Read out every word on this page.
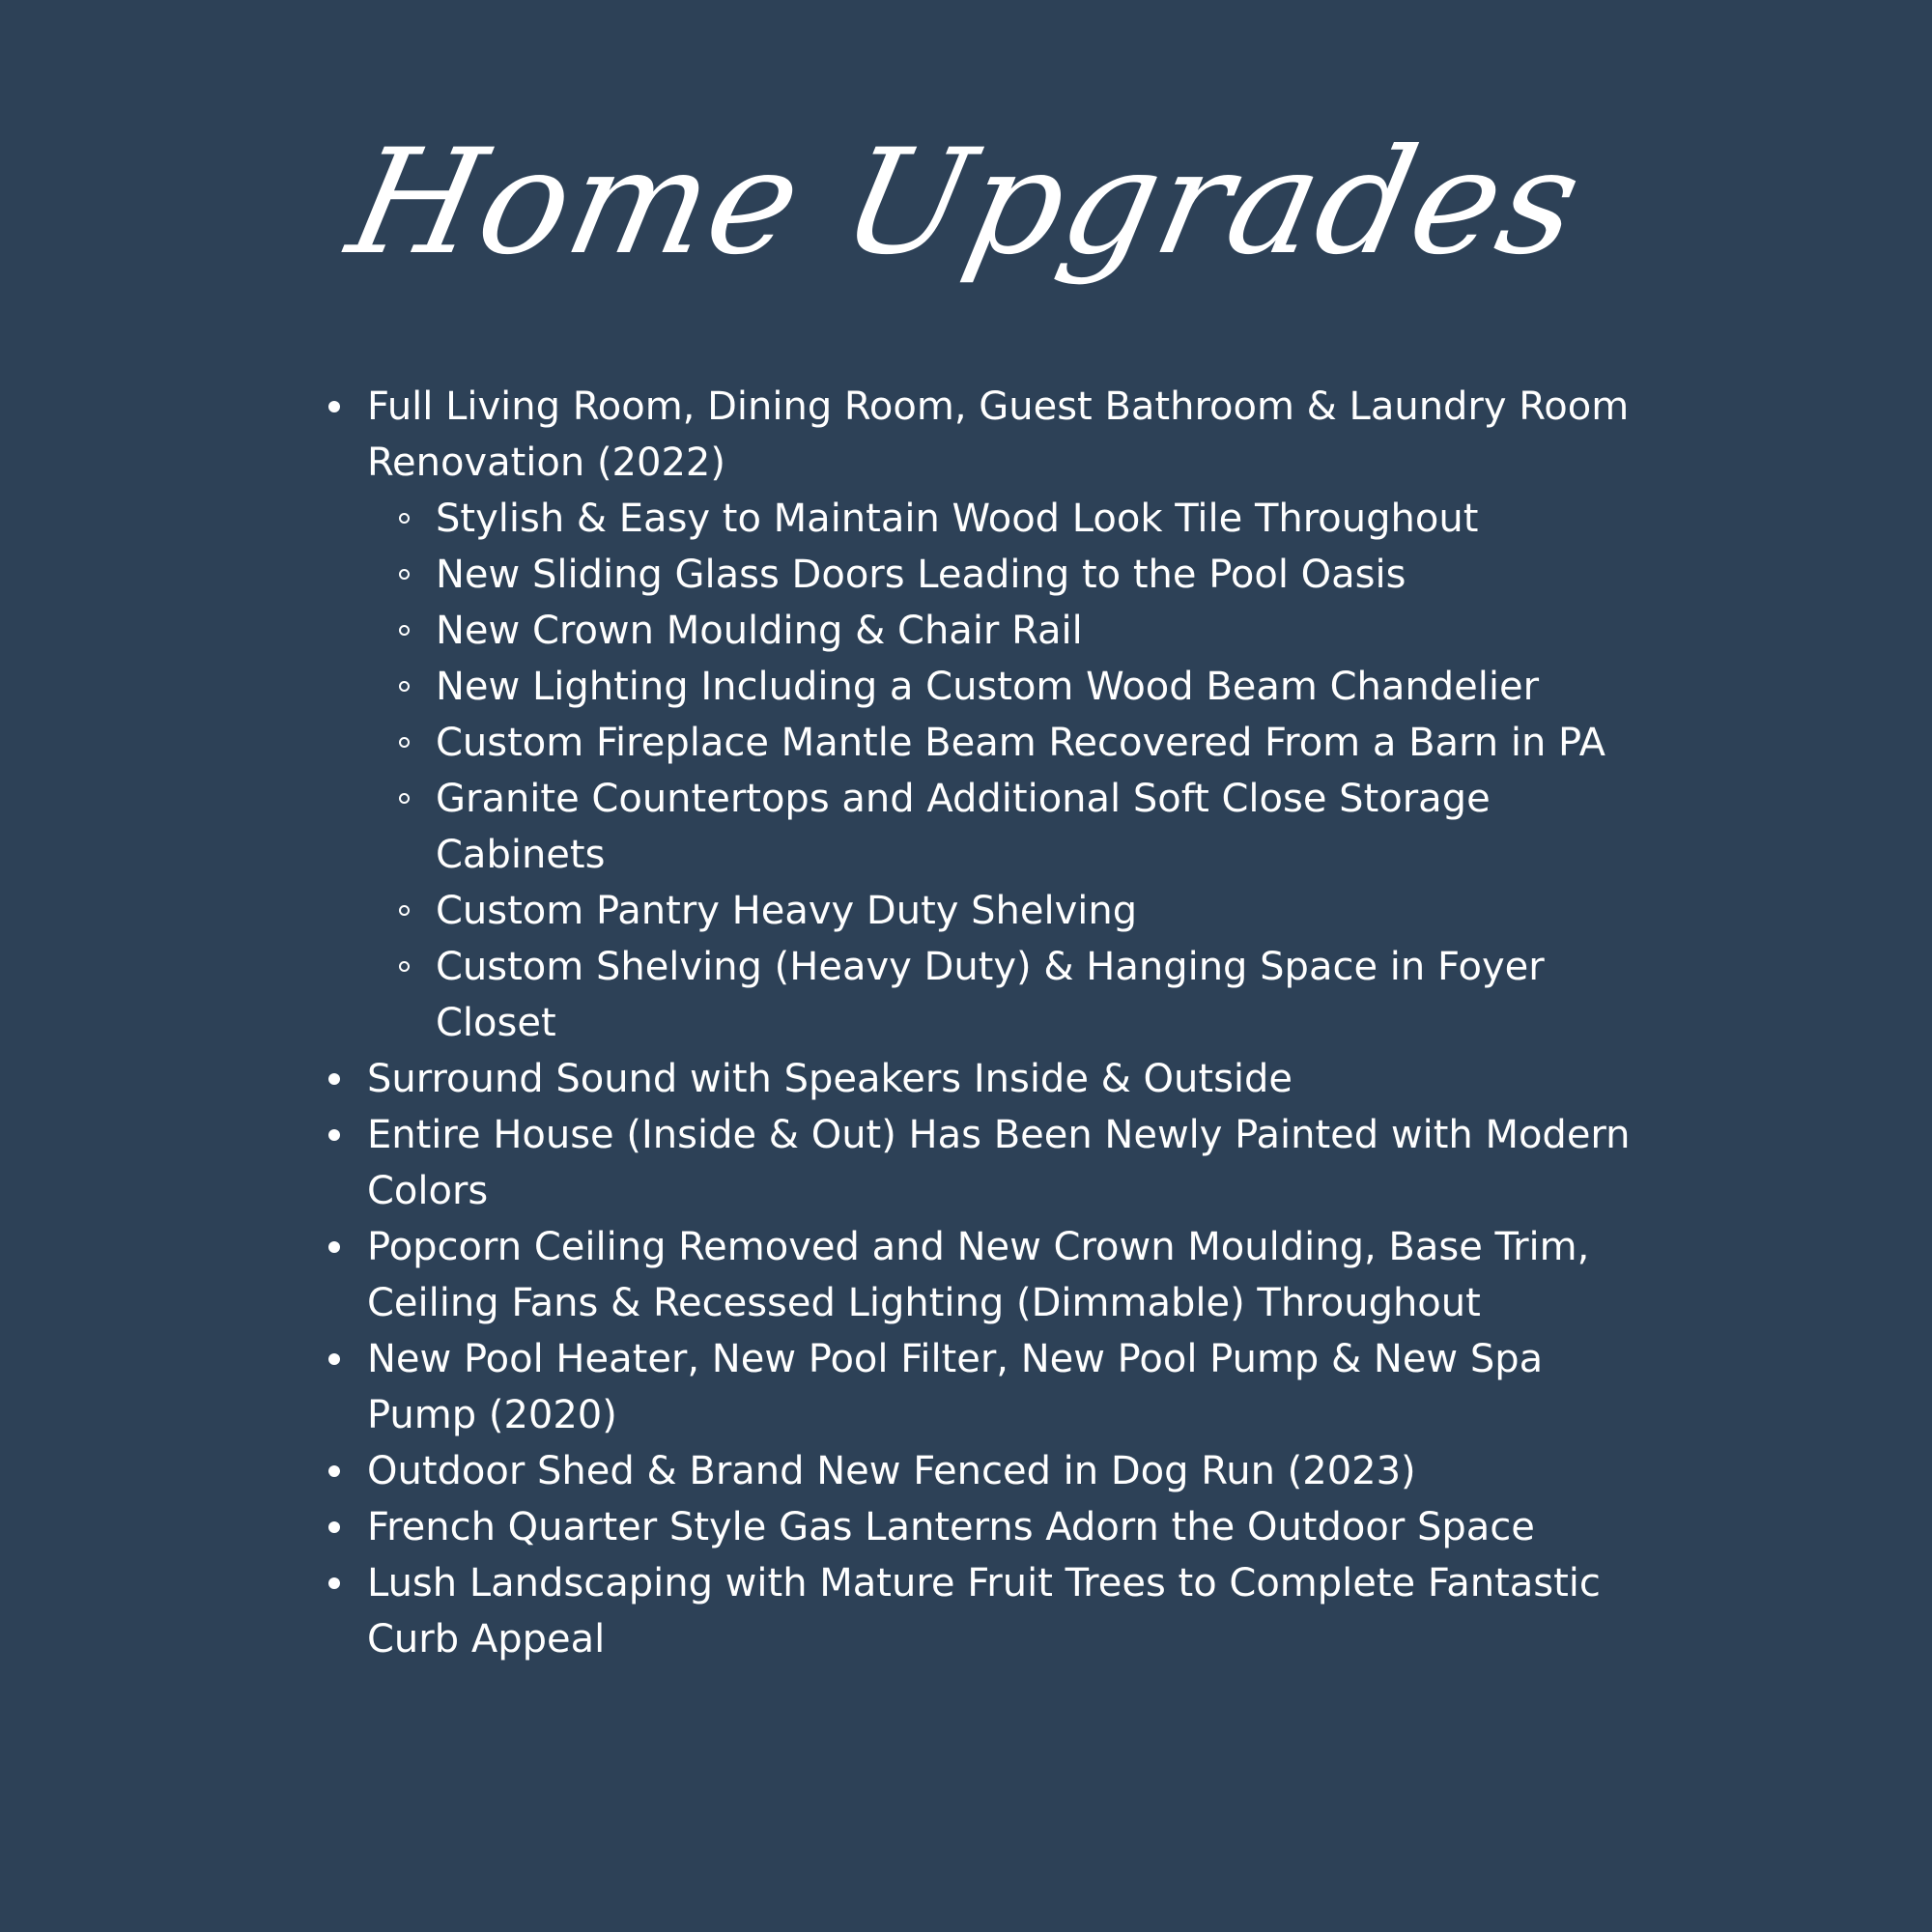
Home Upgrades
Full Living Room, Dining Room, Guest Bathroom & Laundry Room Renovation (2022)
Stylish & Easy to Maintain Wood Look Tile Throughout
New Sliding Glass Doors Leading to the Pool Oasis
New Crown Moulding & Chair Rail
New Lighting Including a Custom Wood Beam Chandelier
Custom Fireplace Mantle Beam Recovered From a Barn in PA
Granite Countertops and Additional Soft Close Storage Cabinets
Custom Pantry Heavy Duty Shelving
Custom Shelving (Heavy Duty) & Hanging Space in Foyer Closet
Surround Sound with Speakers Inside & Outside
Entire House (Inside & Out) Has Been Newly Painted with Modern Colors
Popcorn Ceiling Removed and New Crown Moulding, Base Trim, Ceiling Fans & Recessed Lighting (Dimmable) Throughout
New Pool Heater, New Pool Filter, New Pool Pump & New Spa Pump (2020)
Outdoor Shed & Brand New Fenced in Dog Run (2023)
French Quarter Style Gas Lanterns Adorn the Outdoor Space
Lush Landscaping with Mature Fruit Trees to Complete Fantastic Curb Appeal
